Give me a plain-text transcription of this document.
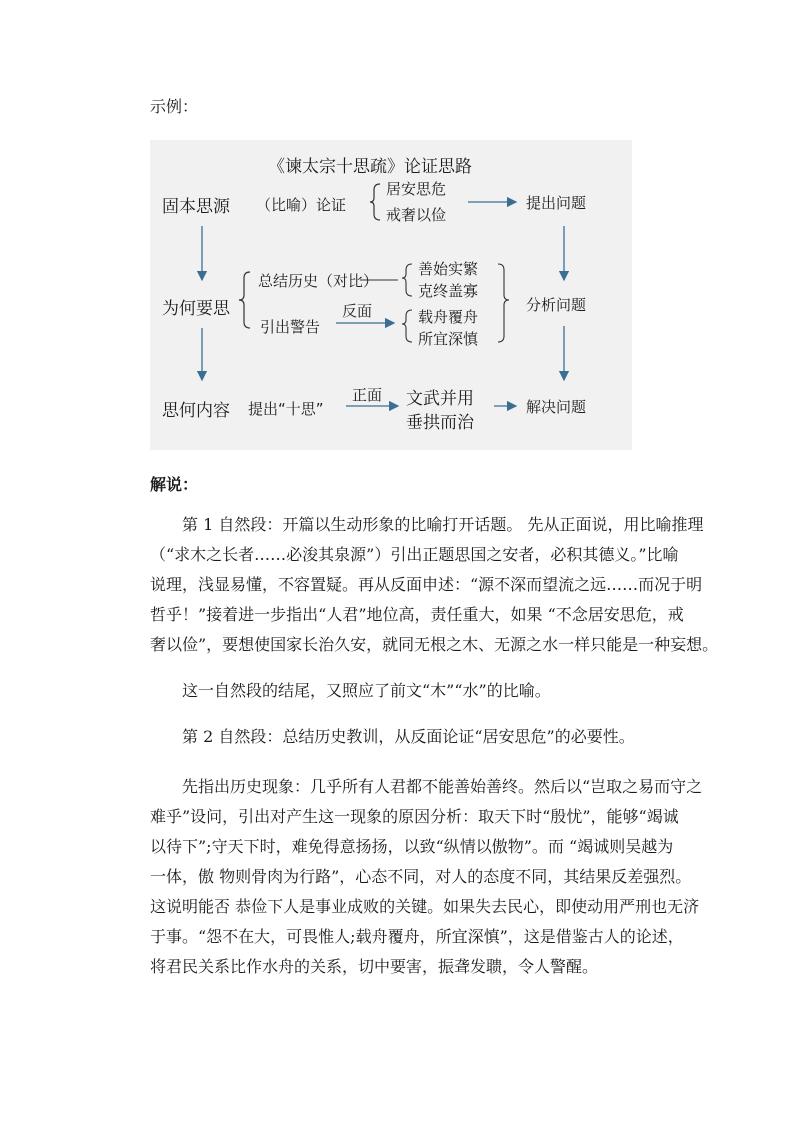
示例：
《谏太宗十思疏》论证思路
固本思源 （比喻）论证
居安思危
戒奢以俭
提出问题
为何要思
总结历史（对比）
引出警告
反面
善始实繁
克终盖寡
载舟覆舟
所宜深慎
分析问题
思何内容 提出“十思”
正面 文武并用
垂拱而治
解决问题
解说：
　　第 1 自然段：开篇以生动形象的比喻打开话题。 先从正面说，用比喻推理
（“求木之长者……必浚其泉源”）引出正题思国之安者，必积其德义。”比喻
说理，浅显易懂，不容置疑。再从反面申述：“源不深而望流之远……而况于明
哲乎！”接着进一步指出“人君”地位高，责任重大，如果 “不念居安思危，戒
奢以俭”，要想使国家长治久安，就同无根之木、无源之水一样只能是一种妄想。
　　这一自然段的结尾，又照应了前文“木”“水”的比喻。
　　第 2 自然段：总结历史教训，从反面论证“居安思危”的必要性。
　　先指出历史现象：几乎所有人君都不能善始善终。然后以“岂取之易而守之
难乎”设问，引出对产生这一现象的原因分析：取天下时“殷忧”，能够“竭诚
以待下”;守天下时，难免得意扬扬，以致“纵情以傲物”。而 “竭诚则吴越为
一体，傲 物则骨肉为行路”，心态不同，对人的态度不同，其结果反差强烈。
这说明能否 恭俭下人是事业成败的关键。如果失去民心，即使动用严刑也无济
于事。“怨不在大，可畏惟人;载舟覆舟，所宜深慎”，这是借鉴古人的论述，
将君民关系比作水舟的关系，切中要害，振聋发聩，令人警醒。
